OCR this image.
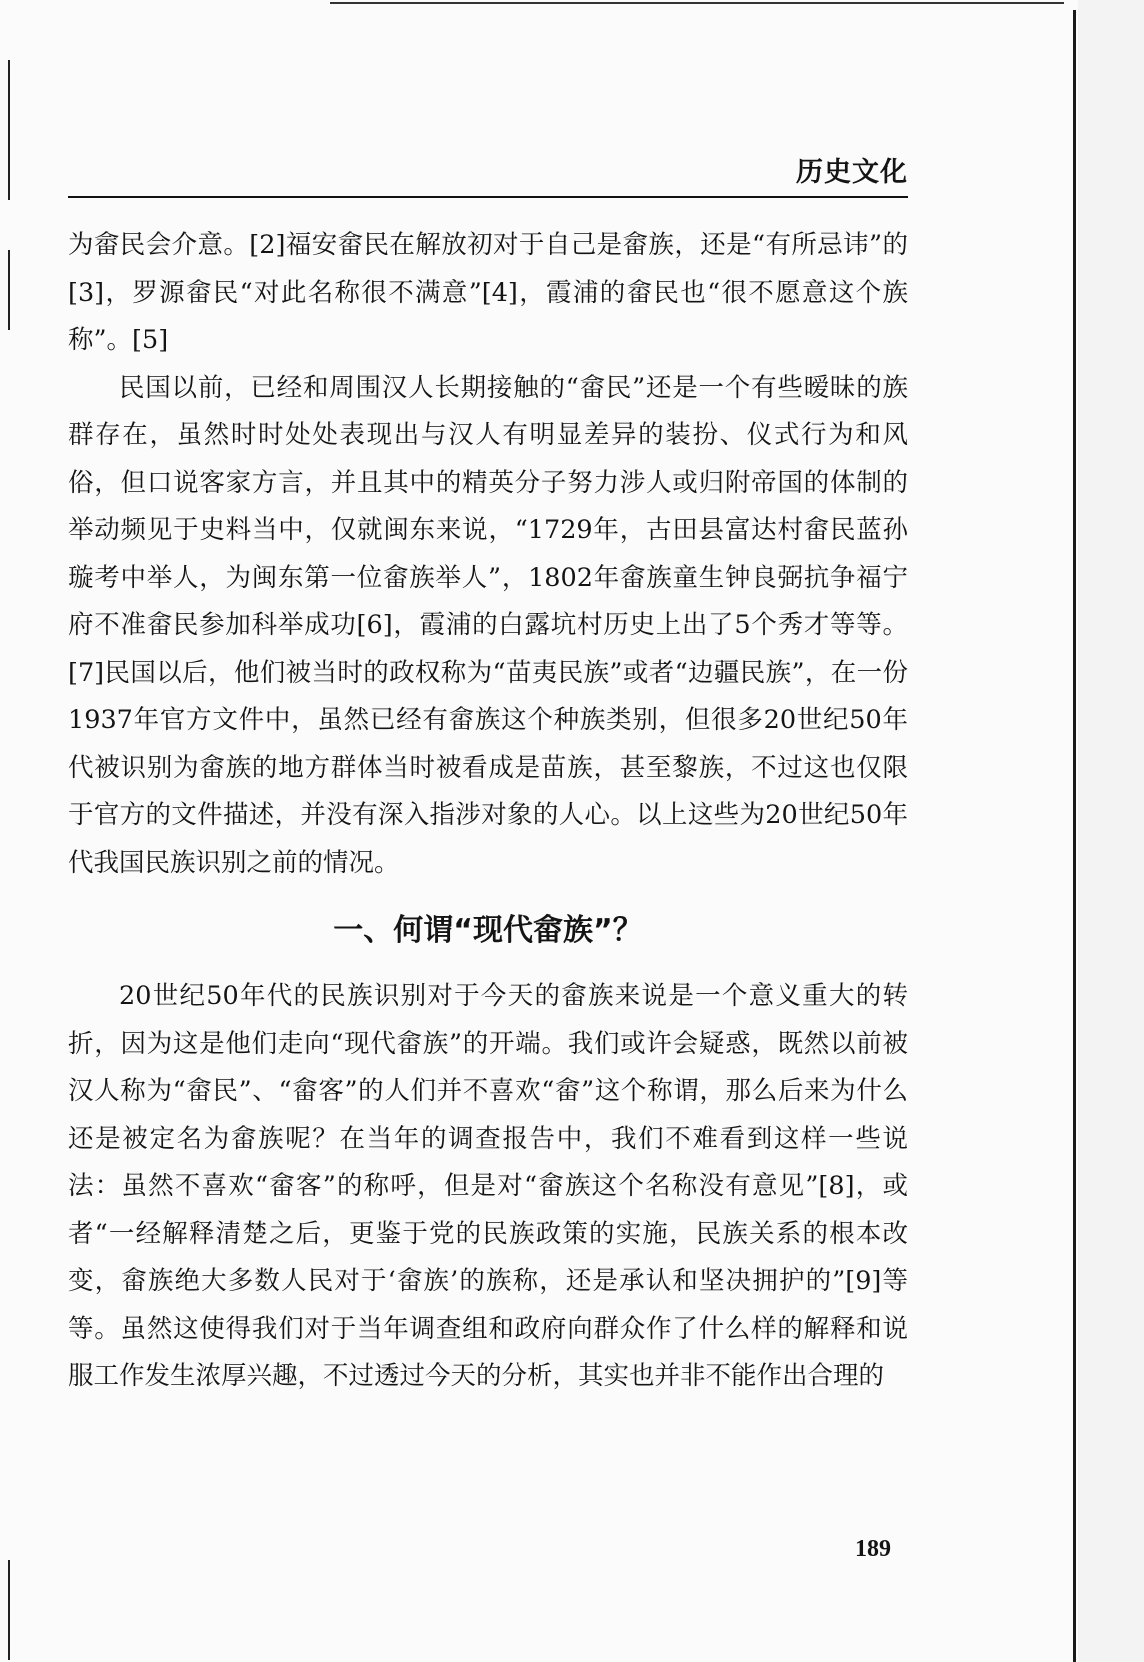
历史文化

为畲民会介意。[2]福安畲民在解放初对于自己是畲族，还是“有所忌讳”的[3]，罗源畲民“对此名称很不满意”[4]，霞浦的畲民也“很不愿意这个族称”。[5]

民国以前，已经和周围汉人长期接触的“畲民”还是一个有些暧昧的族群存在，虽然时时处处表现出与汉人有明显差异的装扮、仪式行为和风俗，但口说客家方言，并且其中的精英分子努力涉人或归附帝国的体制的举动频见于史料当中，仅就闽东来说，“1729年，古田县富达村畲民蓝孙璇考中举人，为闽东第一位畲族举人”，1802年畲族童生钟良弼抗争福宁府不准畲民参加科举成功[6]，霞浦的白露坑村历史上出了5个秀才等等。[7]民国以后，他们被当时的政权称为“苗夷民族”或者“边疆民族”，在一份1937年官方文件中，虽然已经有畲族这个种族类别，但很多20世纪50年代被识别为畲族的地方群体当时被看成是苗族，甚至黎族，不过这也仅限于官方的文件描述，并没有深入指涉对象的人心。以上这些为20世纪50年代我国民族识别之前的情况。

一、何谓“现代畲族”？

20世纪50年代的民族识别对于今天的畲族来说是一个意义重大的转折，因为这是他们走向“现代畲族”的开端。我们或许会疑惑，既然以前被汉人称为“畲民”、“畲客”的人们并不喜欢“畲”这个称谓，那么后来为什么还是被定名为畲族呢？在当年的调查报告中，我们不难看到这样一些说法：虽然不喜欢“畲客”的称呼，但是对“畲族这个名称没有意见”[8]，或者“一经解释清楚之后，更鉴于党的民族政策的实施，民族关系的根本改变，畲族绝大多数人民对于‘畲族’的族称，还是承认和坚决拥护的”[9]等等。虽然这使得我们对于当年调查组和政府向群众作了什么样的解释和说服工作发生浓厚兴趣，不过透过今天的分析，其实也并非不能作出合理的

189
